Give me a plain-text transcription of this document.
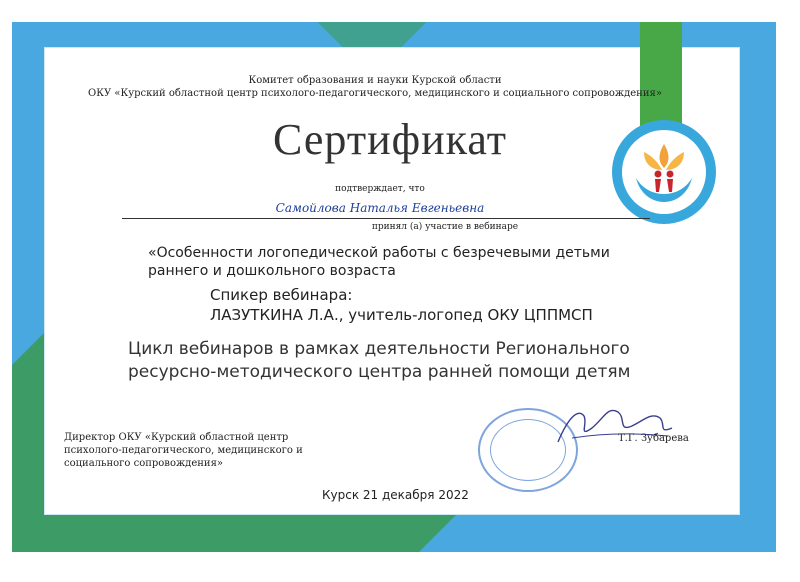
Комитет образования и науки Курской области
ОКУ «Курский областной центр психолого-педагогического, медицинского и социального сопровождения»
Сертификат
подтверждает, что
Самойлова Наталья Евгеньевна
принял (а) участие в вебинаре
«Особенности логопедической работы с безречевыми детьми раннего и дошкольного возраста
Спикер вебинара:
ЛАЗУТКИНА Л.А., учитель-логопед ОКУ ЦППМСП
Цикл вебинаров в рамках деятельности Регионального ресурсно-методического центра ранней помощи детям
Директор ОКУ «Курский областной центр психолого-педагогического, медицинского и социального сопровождения»
Т.Г. Зубарева
Курск 21 декабря 2022
